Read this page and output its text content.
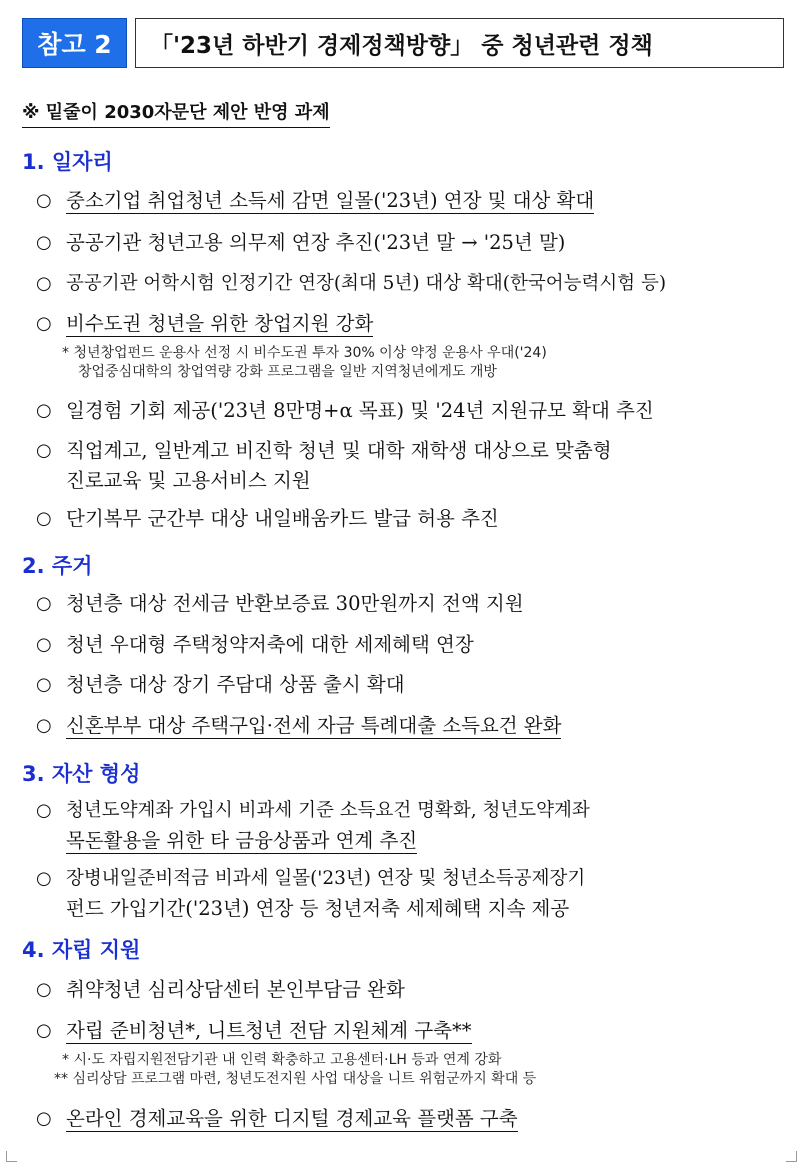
참고 2	「'23년 하반기 경제정책방향」 중 청년관련 정책
※ 밑줄이 2030자문단 제안 반영 과제
1. 일자리
○ 중소기업 취업청년 소득세 감면 일몰('23년) 연장 및 대상 확대
○ 공공기관 청년고용 의무제 연장 추진('23년 말 → '25년 말)
○ 공공기관 어학시험 인정기간 연장(최대 5년) 대상 확대(한국어능력시험 등)
○ 비수도권 청년을 위한 창업지원 강화
* 청년창업펀드 운용사 선정 시 비수도권 투자 30% 이상 약정 운용사 우대('24)
창업중심대학의 창업역량 강화 프로그램을 일반 지역청년에게도 개방
○ 일경험 기회 제공('23년 8만명+α 목표) 및 '24년 지원규모 확대 추진
○ 직업계고, 일반계고 비진학 청년 및 대학 재학생 대상으로 맞춤형
진로교육 및 고용서비스 지원
○ 단기복무 군간부 대상 내일배움카드 발급 허용 추진
2. 주거
○ 청년층 대상 전세금 반환보증료 30만원까지 전액 지원
○ 청년 우대형 주택청약저축에 대한 세제혜택 연장
○ 청년층 대상 장기 주담대 상품 출시 확대
○ 신혼부부 대상 주택구입·전세 자금 특례대출 소득요건 완화
3. 자산 형성
○ 청년도약계좌 가입시 비과세 기준 소득요건 명확화, 청년도약계좌
목돈활용을 위한 타 금융상품과 연계 추진
○ 장병내일준비적금 비과세 일몰('23년) 연장 및 청년소득공제장기
펀드 가입기간('23년) 연장 등 청년저축 세제혜택 지속 제공
4. 자립 지원
○ 취약청년 심리상담센터 본인부담금 완화
○ 자립 준비청년*, 니트청년 전담 지원체계 구축**
* 시·도 자립지원전담기관 내 인력 확충하고 고용센터·LH 등과 연계 강화
** 심리상담 프로그램 마련, 청년도전지원 사업 대상을 니트 위험군까지 확대 등
○ 온라인 경제교육을 위한 디지털 경제교육 플랫폼 구축
